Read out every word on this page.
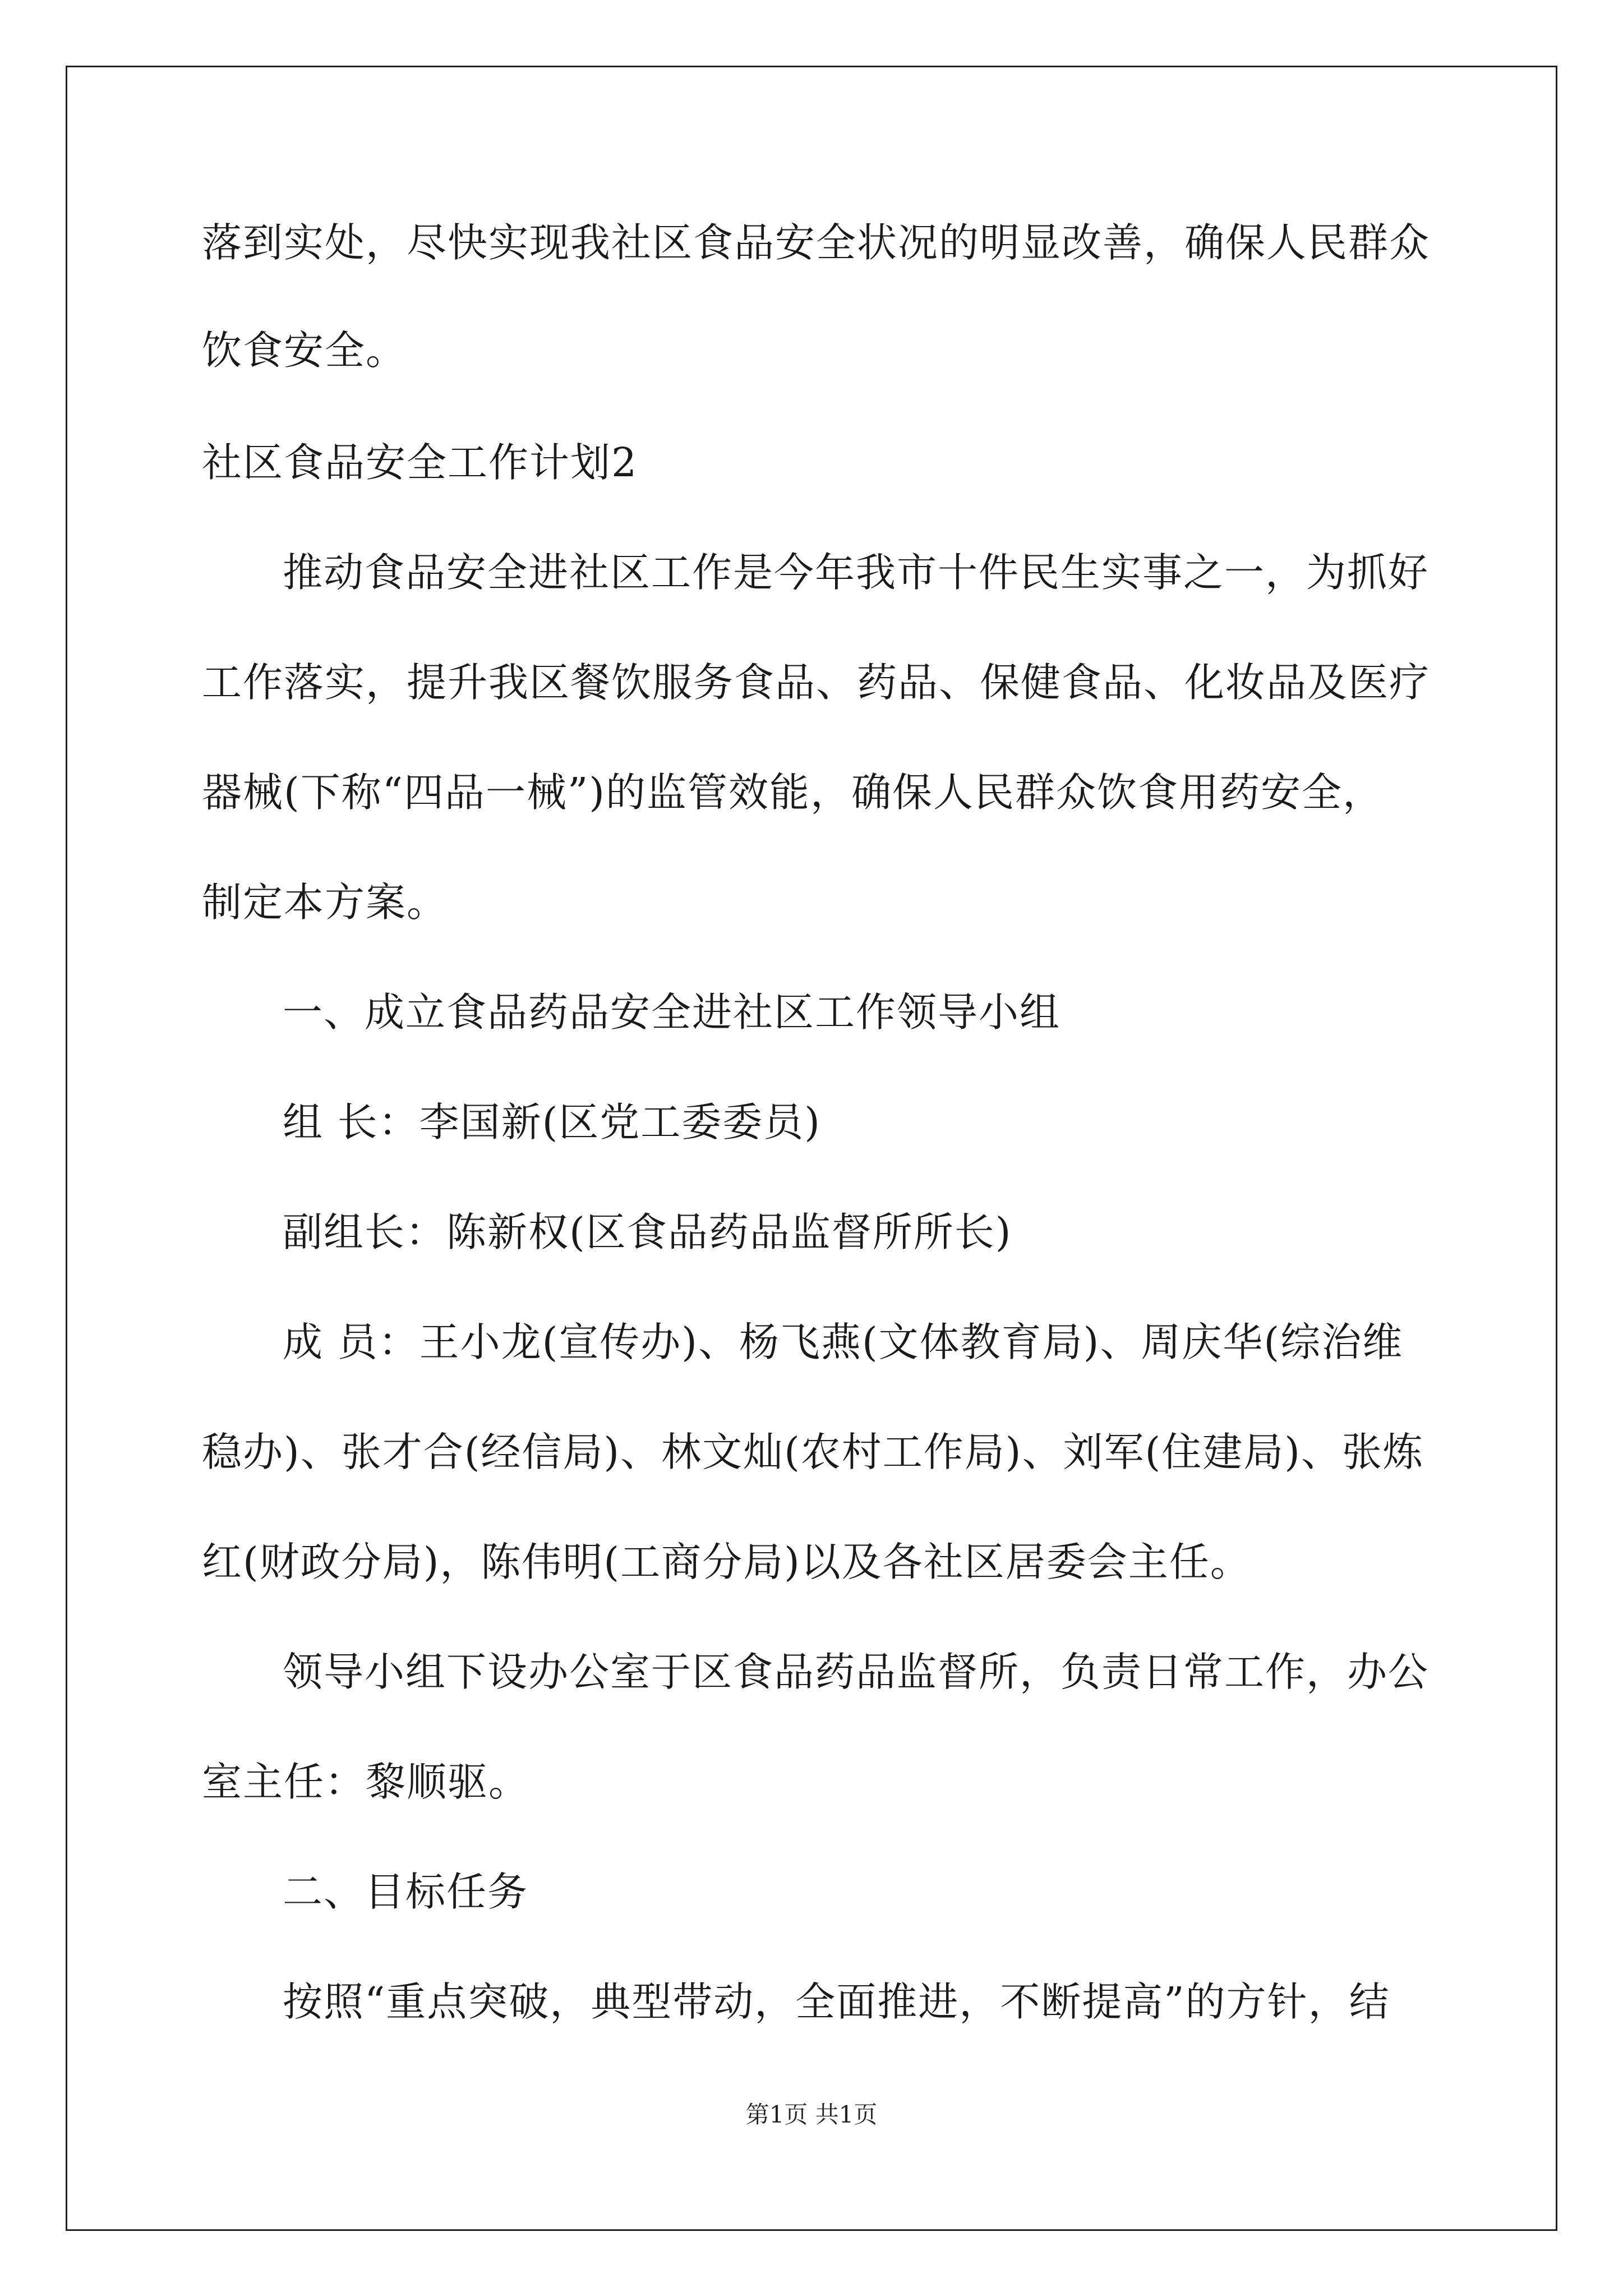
落到实处，尽快实现我社区食品安全状况的明显改善，确保人民群众
饮食安全。
社区食品安全工作计划2
推动食品安全进社区工作是今年我市十件民生实事之一，为抓好
工作落实，提升我区餐饮服务食品、药品、保健食品、化妆品及医疗
器械(下称“四品一械”)的监管效能，确保人民群众饮食用药安全，
制定本方案。
一、成立食品药品安全进社区工作领导小组
组 长：李国新(区党工委委员)
副组长：陈新权(区食品药品监督所所长)
成 员：王小龙(宣传办)、杨飞燕(文体教育局)、周庆华(综治维
稳办)、张才合(经信局)、林文灿(农村工作局)、刘军(住建局)、张炼
红(财政分局)，陈伟明(工商分局)以及各社区居委会主任。
领导小组下设办公室于区食品药品监督所，负责日常工作，办公
室主任：黎顺驱。
二、目标任务
按照“重点突破，典型带动，全面推进，不断提高”的方针，结
第1页 共1页
